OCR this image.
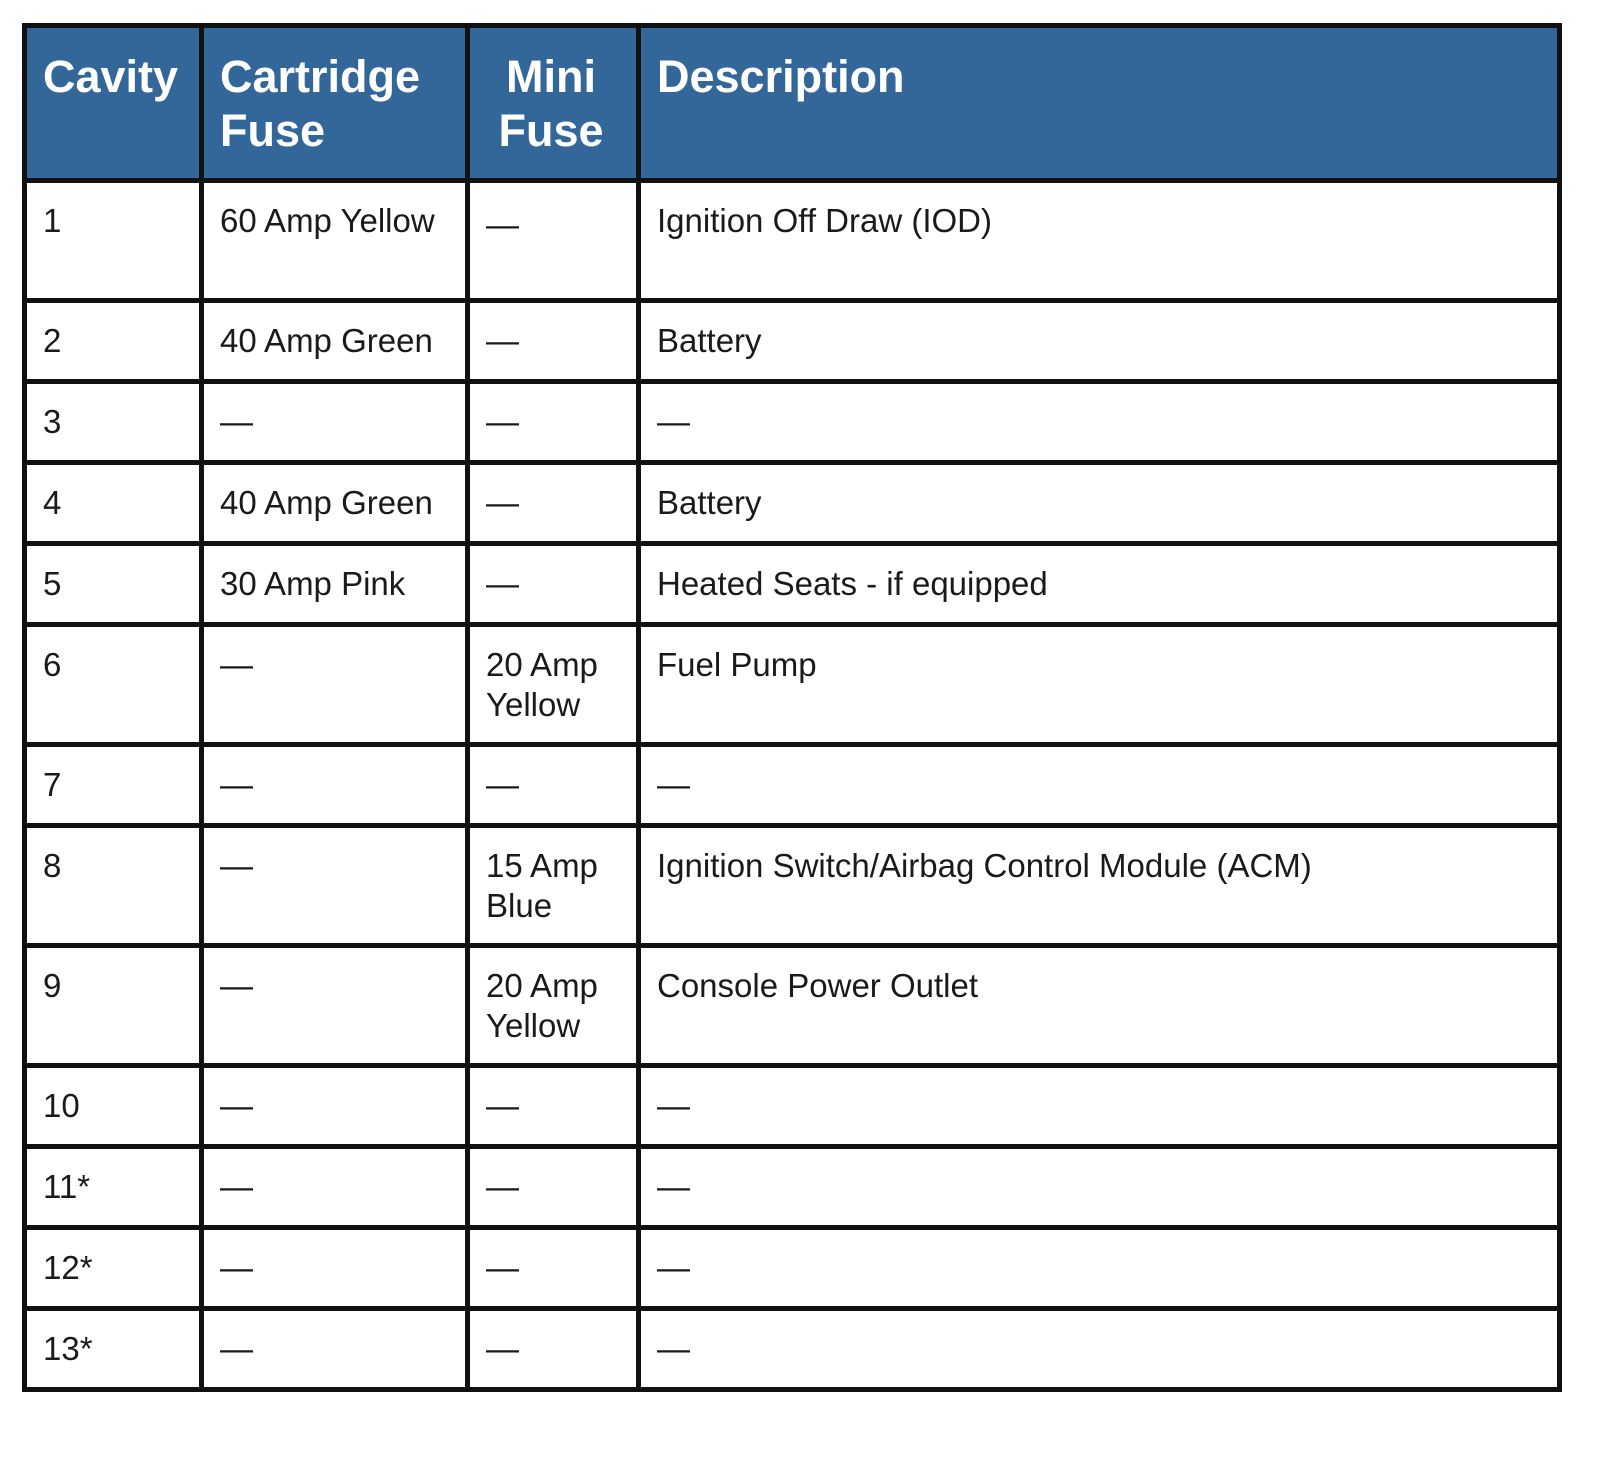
Cavity	Cartridge Fuse	Mini Fuse	Description
1	60 Amp Yellow	—	Ignition Off Draw (IOD)
2	40 Amp Green	—	Battery
3	—	—	—
4	40 Amp Green	—	Battery
5	30 Amp Pink	—	Heated Seats - if equipped
6	—	20 Amp Yellow	Fuel Pump
7	—	—	—
8	—	15 Amp Blue	Ignition Switch/Airbag Control Module (ACM)
9	—	20 Amp Yellow	Console Power Outlet
10	—	—	—
11*	—	—	—
12*	—	—	—
13*	—	—	—
